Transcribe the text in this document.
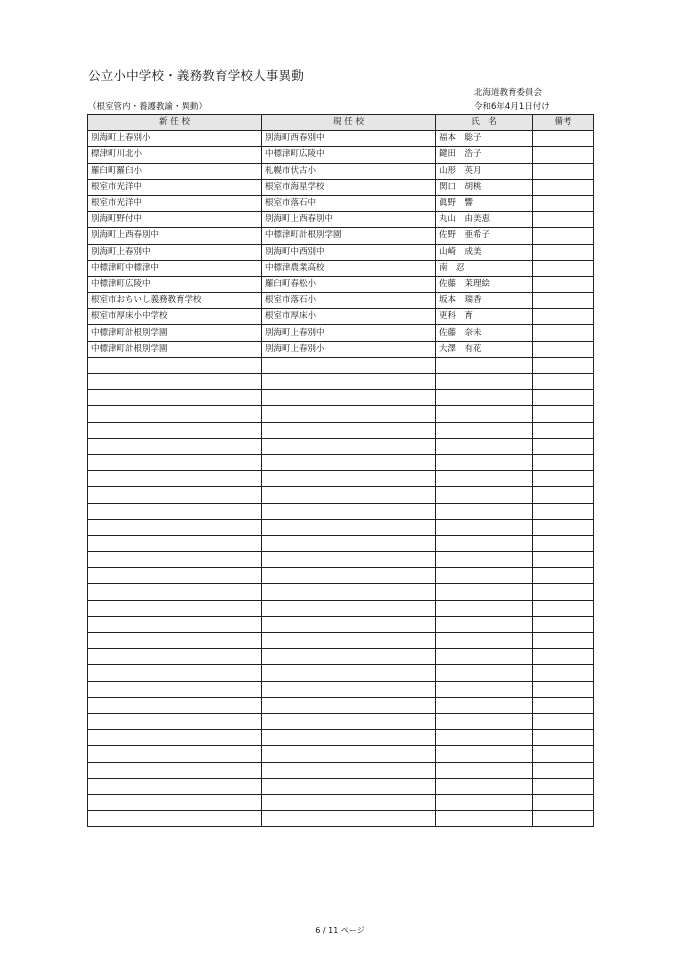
公立小中学校・義務教育学校人事異動
北海道教育委員会
（根室管内・養護教諭・異動）	令和6年4月1日付け
新 任 校	現 任 校	氏　名	備考
別海町上春別小	別海町西春別中	福本　聡子	
標津町川北小	中標津町広陵中	鍵田　浩子	
羅臼町羅臼小	札幌市伏古小	山形　英月	
根室市光洋中	根室市海星学校	関口　胡桃	
根室市光洋中	根室市落石中	眞野　響	
別海町野付中	別海町上西春別中	丸山　由美恵	
別海町上西春別中	中標津町計根別学園	佐野　亜希子	
別海町上春別中	別海町中西別中	山崎　成美	
中標津町中標津中	中標津農業高校	南　忍	
中標津町広陵中	羅臼町春松小	佐藤　茉理絵	
根室市おちいし義務教育学校	根室市落石小	坂本　瑞香	
根室市厚床小中学校	根室市厚床小	更科　育	
中標津町計根別学園	別海町上春別中	佐藤　奈未	
中標津町計根別学園	別海町上春別小	大澤　有花	

6 / 11 ページ
